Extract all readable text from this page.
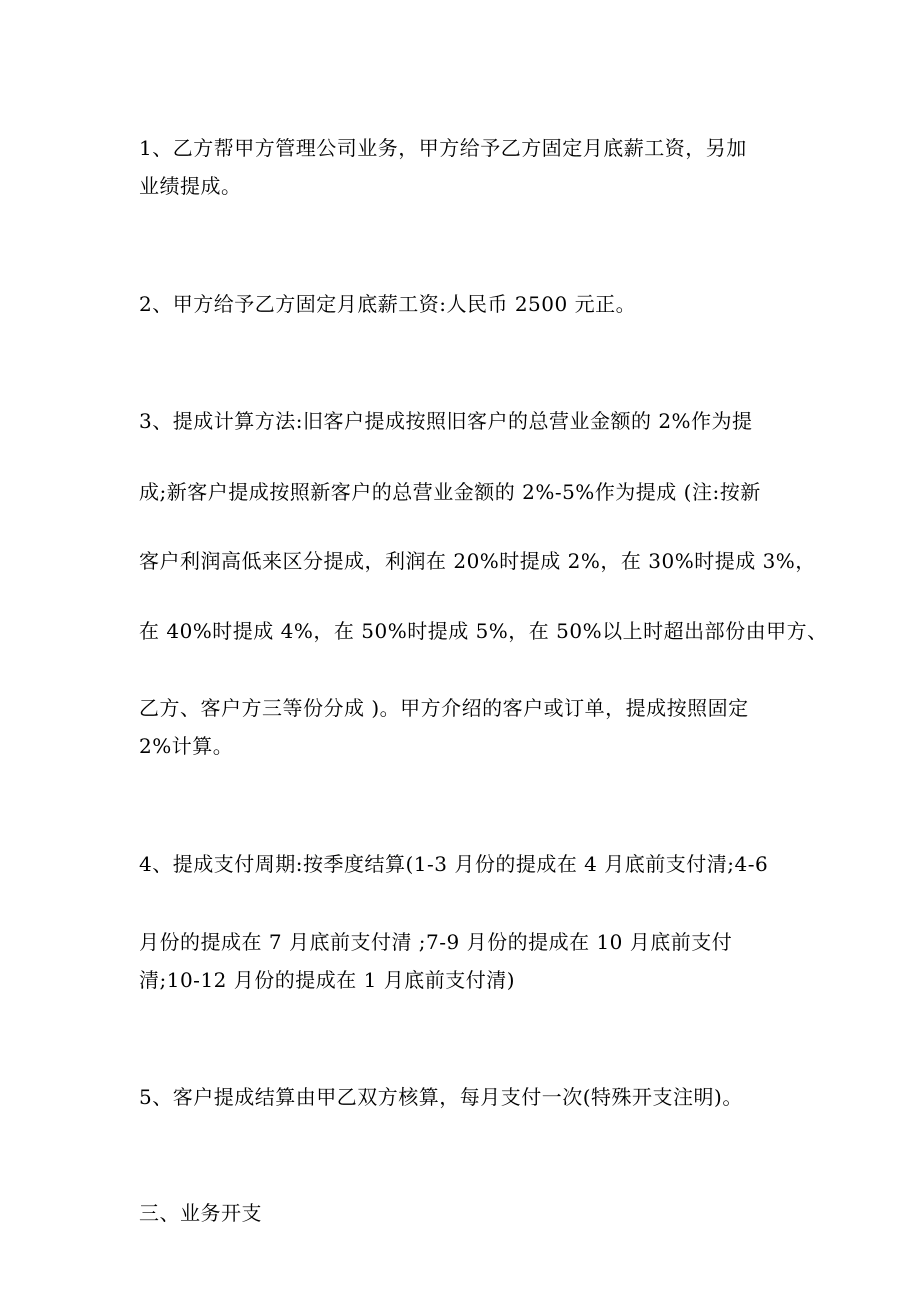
1、乙方帮甲方管理公司业务，甲方给予乙方固定月底薪工资，另加
业绩提成。
2、甲方给予乙方固定月底薪工资:人民币 2500 元正。
3、提成计算方法:旧客户提成按照旧客户的总营业金额的 2%作为提
成;新客户提成按照新客户的总营业金额的 2%-5%作为提成 (注:按新
客户利润高低来区分提成，利润在 20%时提成 2%，在 30%时提成 3%，
在 40%时提成 4%，在 50%时提成 5%，在 50%以上时超出部份由甲方、
乙方、客户方三等份分成 )。甲方介绍的客户或订单，提成按照固定
2%计算。
4、提成支付周期:按季度结算(1-3 月份的提成在 4 月底前支付清;4-6
月份的提成在 7 月底前支付清 ;7-9 月份的提成在 10 月底前支付
清;10-12 月份的提成在 1 月底前支付清)
5、客户提成结算由甲乙双方核算，每月支付一次(特殊开支注明)。
三、业务开支
